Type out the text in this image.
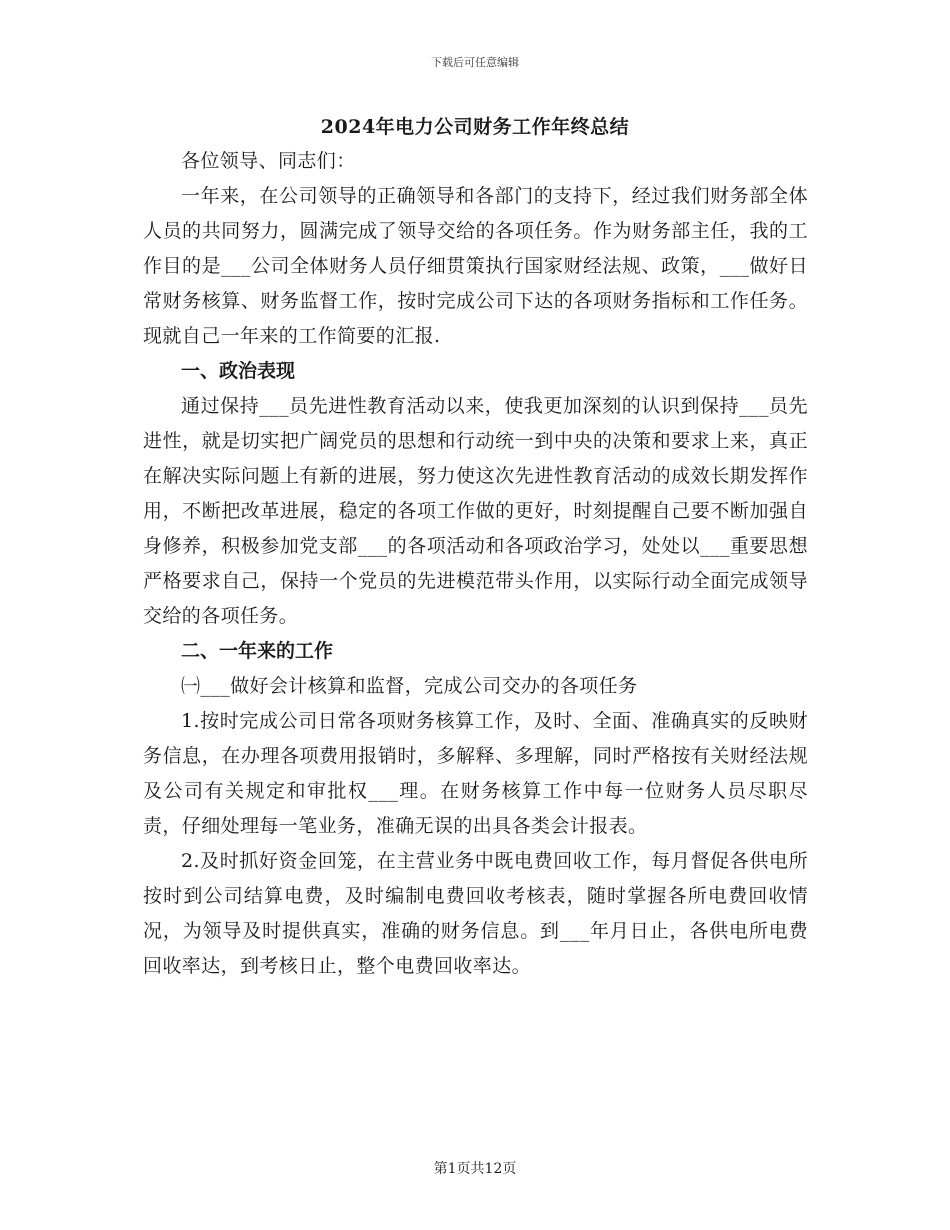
下载后可任意编辑
2024年电力公司财务工作年终总结

各位领导、同志们：

一年来，在公司领导的正确领导和各部门的支持下，经过我们财务部全体人员的共同努力，圆满完成了领导交给的各项任务。作为财务部主任，我的工作目的是___公司全体财务人员仔细贯策执行国家财经法规、政策，___做好日常财务核算、财务监督工作，按时完成公司下达的各项财务指标和工作任务。现就自己一年来的工作简要的汇报.

一、政治表现

通过保持___员先进性教育活动以来，使我更加深刻的认识到保持___员先进性，就是切实把广阔党员的思想和行动统一到中央的决策和要求上来，真正在解决实际问题上有新的进展，努力使这次先进性教育活动的成效长期发挥作用，不断把改革进展，稳定的各项工作做的更好，时刻提醒自己要不断加强自身修养，积极参加党支部___的各项活动和各项政治学习，处处以___重要思想严格要求自己，保持一个党员的先进模范带头作用，以实际行动全面完成领导交给的各项任务。

二、一年来的工作

㈠___做好会计核算和监督，完成公司交办的各项任务

1.按时完成公司日常各项财务核算工作，及时、全面、准确真实的反映财务信息，在办理各项费用报销时，多解释、多理解，同时严格按有关财经法规及公司有关规定和审批权___理。在财务核算工作中每一位财务人员尽职尽责，仔细处理每一笔业务，准确无误的出具各类会计报表。

2.及时抓好资金回笼，在主营业务中既电费回收工作，每月督促各供电所按时到公司结算电费，及时编制电费回收考核表，随时掌握各所电费回收情况，为领导及时提供真实，准确的财务信息。到___年月日止，各供电所电费回收率达，到考核日止，整个电费回收率达。

第1页共12页
